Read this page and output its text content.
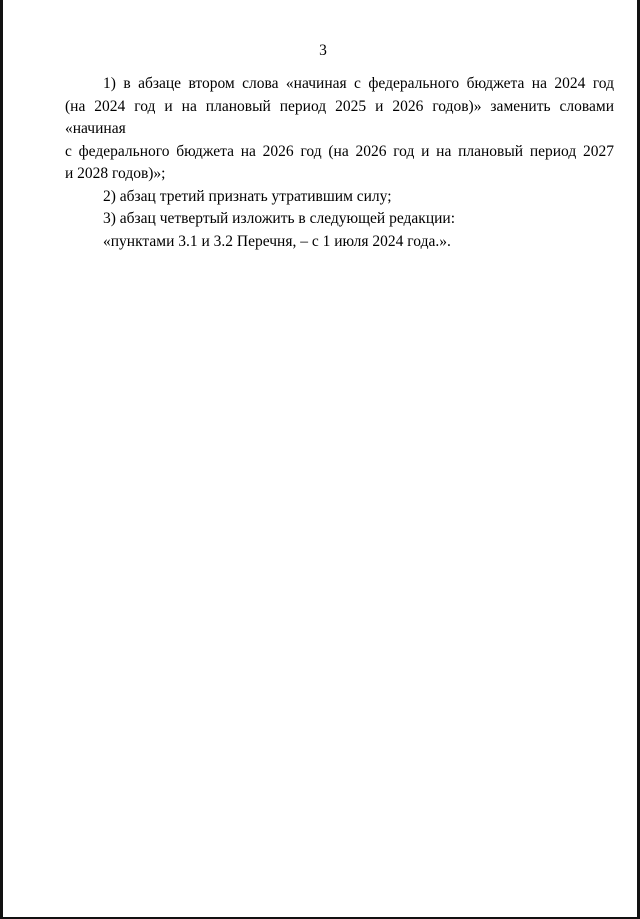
3
1) в абзаце втором слова «начиная с федерального бюджета на 2024 год
(на 2024 год и на плановый период 2025 и 2026 годов)» заменить словами «начиная
с федерального бюджета на 2026 год (на 2026 год и на плановый период 2027
и 2028 годов)»;
2) абзац третий признать утратившим силу;
3) абзац четвертый изложить в следующей редакции:
«пунктами 3.1 и 3.2 Перечня, – с 1 июля 2024 года.».
